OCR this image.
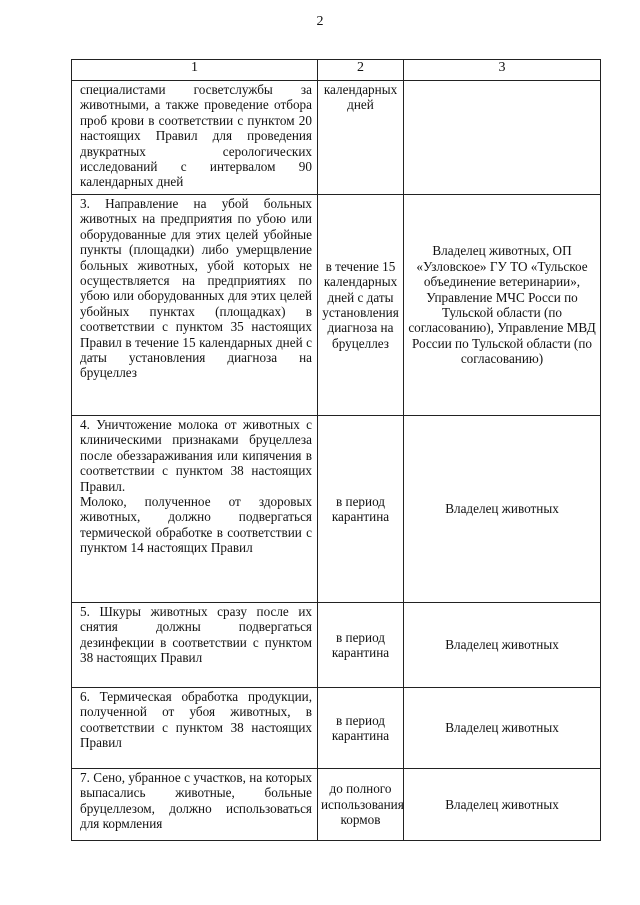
2
1	2	3

специалистами госветслужбы за животными, а также проведение отбора проб крови в соответствии с пунктом 20 настоящих Правил для проведения двукратных серологических исследований с интервалом 90 календарных дней	календарных дней	

3. Направление на убой больных животных на предприятия по убою или оборудованные для этих целей убойные пункты (площадки) либо умерщвление больных животных, убой которых не осуществляется на предприятиях по убою или оборудованных для этих целей убойных пунктах (площадках) в соответствии с пунктом 35 настоящих Правил в течение 15 календарных дней с даты установления диагноза на бруцеллез	в течение 15 календарных дней с даты установления диагноза на бруцеллез	Владелец животных, ОП «Узловское» ГУ ТО «Тульское объединение ветеринарии», Управление МЧС Росси по Тульской области (по согласованию), Управление МВД России по Тульской области (по согласованию)

4. Уничтожение молока от животных с клиническими признаками бруцеллеза после обеззараживания или кипячения в соответствии с пунктом 38 настоящих Правил.
Молоко, полученное от здоровых животных, должно подвергаться термической обработке в соответствии с пунктом 14 настоящих Правил	в период карантина	Владелец животных

5. Шкуры животных сразу после их снятия должны подвергаться дезинфекции в соответствии с пунктом 38 настоящих Правил	в период карантина	Владелец животных

6. Термическая обработка продукции, полученной от убоя животных, в соответствии с пунктом 38 настоящих Правил	в период карантина	Владелец животных

7. Сено, убранное с участков, на которых выпасались животные, больные бруцеллезом, должно использоваться для кормления	до полного использования кормов	Владелец животных
